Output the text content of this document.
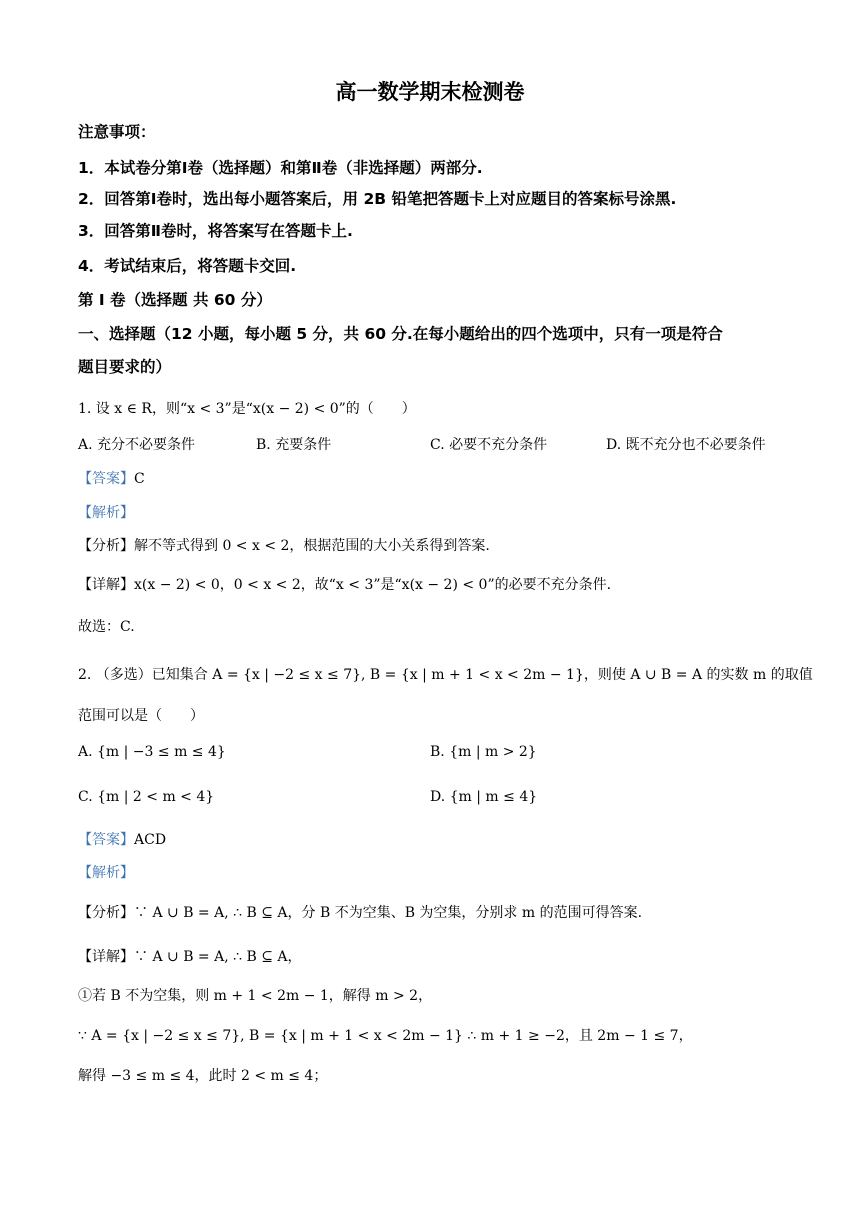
高一数学期末检测卷
注意事项：
1．本试卷分第Ⅰ卷（选择题）和第Ⅱ卷（非选择题）两部分.
2．回答第Ⅰ卷时，选出每小题答案后，用 2B 铅笔把答题卡上对应题目的答案标号涂黑.
3．回答第Ⅱ卷时，将答案写在答题卡上.
4．考试结束后，将答题卡交回.
第 I 卷（选择题 共 60 分）
一、选择题（12 小题，每小题 5 分，共 60 分.在每小题给出的四个选项中，只有一项是符合
题目要求的）
1. 设 x ∈ R，则“x < 3”是“x(x − 2) < 0”的（　　）
A. 充分不必要条件	B. 充要条件	C. 必要不充分条件	D. 既不充分也不必要条件
【答案】C
【解析】
【分析】解不等式得到 0 < x < 2，根据范围的大小关系得到答案.
【详解】x(x − 2) < 0，0 < x < 2，故“x < 3”是“x(x − 2) < 0”的必要不充分条件.
故选：C.
2. （多选）已知集合 A = {x | −2 ≤ x ≤ 7}, B = {x | m + 1 < x < 2m − 1}，则使 A ∪ B = A 的实数 m 的取值
范围可以是（　　）
A. {m | −3 ≤ m ≤ 4}	B. {m | m > 2}
C. {m | 2 < m < 4}	D. {m | m ≤ 4}
【答案】ACD
【解析】
【分析】∵ A ∪ B = A, ∴ B ⊆ A，分 B 不为空集、B 为空集，分别求 m 的范围可得答案.
【详解】∵ A ∪ B = A, ∴ B ⊆ A，
①若 B 不为空集，则 m + 1 < 2m − 1，解得 m > 2，
∵ A = {x | −2 ≤ x ≤ 7}, B = {x | m + 1 < x < 2m − 1} ∴ m + 1 ≥ −2，且 2m − 1 ≤ 7，
解得 −3 ≤ m ≤ 4，此时 2 < m ≤ 4；
